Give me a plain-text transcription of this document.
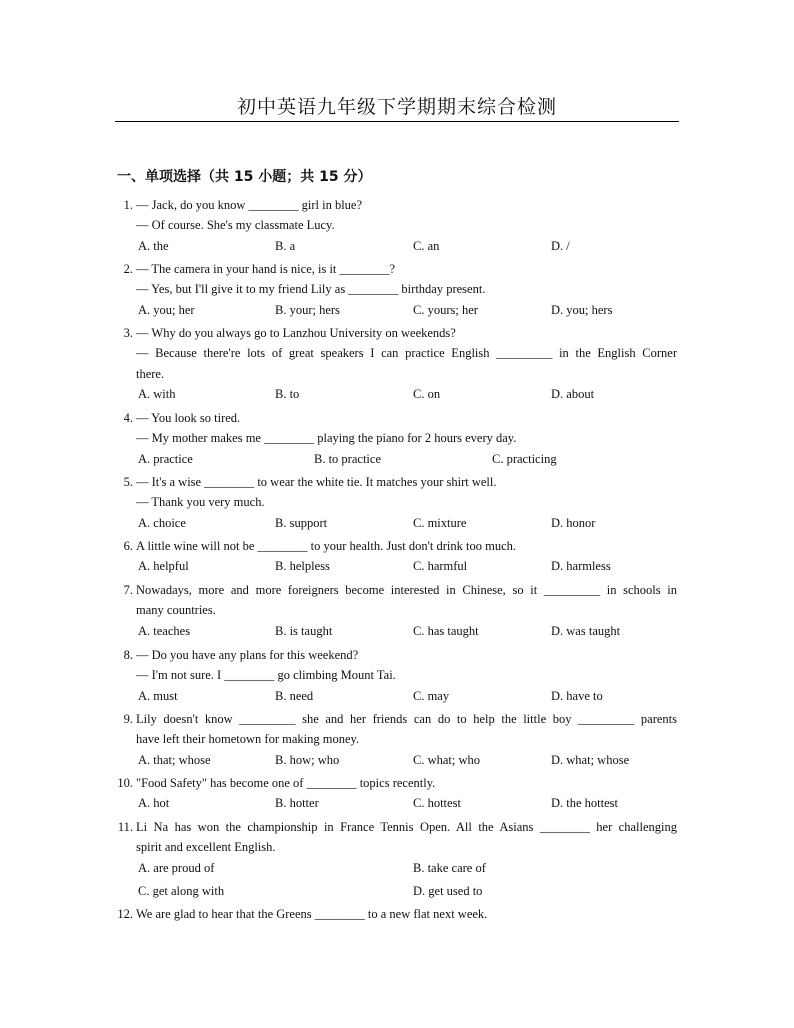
初中英语九年级下学期期末综合检测
一、单项选择（共 15 小题；共 15 分）
1. — Jack, do you know ________ girl in blue?
— Of course. She's my classmate Lucy.
A. the	B. a	C. an	D. /
2. — The camera in your hand is nice, is it ________?
— Yes, but I'll give it to my friend Lily as ________ birthday present.
A. you; her	B. your; hers	C. yours; her	D. you; hers
3. — Why do you always go to Lanzhou University on weekends?
— Because there're lots of great speakers I can practice English _________ in the English Corner
there.
A. with	B. to	C. on	D. about
4. — You look so tired.
— My mother makes me ________ playing the piano for 2 hours every day.
A. practice	B. to practice	C. practicing
5. — It's a wise ________ to wear the white tie. It matches your shirt well.
— Thank you very much.
A. choice	B. support	C. mixture	D. honor
6. A little wine will not be ________ to your health. Just don't drink too much.
A. helpful	B. helpless	C. harmful	D. harmless
7. Nowadays, more and more foreigners become interested in Chinese, so it _________ in schools in
many countries.
A. teaches	B. is taught	C. has taught	D. was taught
8. — Do you have any plans for this weekend?
— I'm not sure. I ________ go climbing Mount Tai.
A. must	B. need	C. may	D. have to
9. Lily doesn't know _________ she and her friends can do to help the little boy _________ parents
have left their hometown for making money.
A. that; whose	B. how; who	C. what; who	D. what; whose
10. "Food Safety" has become one of ________ topics recently.
A. hot	B. hotter	C. hottest	D. the hottest
11. Li Na has won the championship in France Tennis Open. All the Asians ________ her challenging
spirit and excellent English.
A. are proud of	B. take care of
C. get along with	D. get used to
12. We are glad to hear that the Greens ________ to a new flat next week.
